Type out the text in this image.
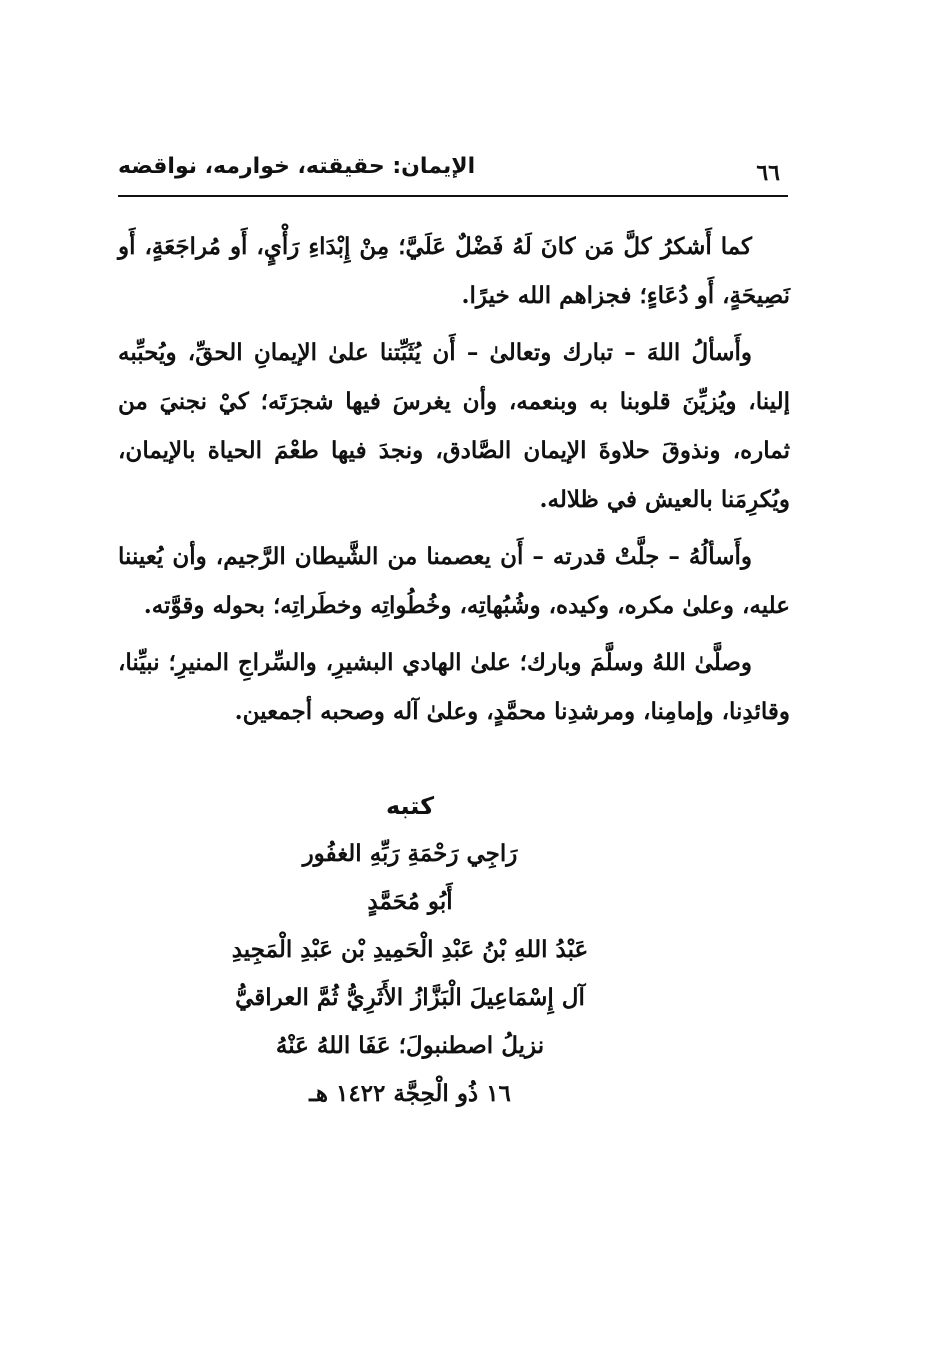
٦٦
الإيمان: حقيقته، خوارمه، نواقضه

كما أَشكرُ كلَّ مَن كانَ لَهُ فَضْلٌ عَلَيَّ؛ مِنْ إِبْدَاءِ رَأْيٍ، أَو مُراجَعَةٍ، أَو نَصِيحَةٍ، أَو دُعَاءٍ؛ فجزاهم الله خيرًا.

وأَسألُ اللهَ – تبارك وتعالىٰ – أَن يُثَبِّتنا علىٰ الإيمانِ الحقِّ، ويُحبِّبه إلينا، ويُزيِّنَ قلوبنا به وبنعمه، وأن يغرسَ فيها شجرَتَه؛ كيْ نجنيَ من ثماره، ونذوقَ حلاوةَ الإيمان الصَّادق، ونجدَ فيها طعْمَ الحياة بالإيمان، ويُكرِمَنا بالعيش في ظلاله.

وأَسألُهُ – جلَّتْ قدرته – أَن يعصمنا من الشَّيطان الرَّجيم، وأن يُعيننا عليه، وعلىٰ مكره، وكيده، وشُبُهاتِه، وخُطُواتِه وخطَراتِه؛ بحوله وقوَّته.

وصلَّىٰ اللهُ وسلَّمَ وبارك؛ علىٰ الهادي البشيرِ، والسِّراجِ المنيرِ؛ نبيِّنا، وقائدِنا، وإمامِنا، ومرشدِنا محمَّدٍ، وعلىٰ آله وصحبه أجمعين.

كتبه
رَاجِي رَحْمَةِ رَبِّهِ الغفُور
أَبُو مُحَمَّدٍ
عَبْدُ اللهِ بْنُ عَبْدِ الْحَمِيدِ بْن عَبْدِ الْمَجِيدِ
آل إِسْمَاعِيلَ الْبَزَّازُ الأَثَرِيُّ ثُمَّ العراقيُّ
نزيلُ اصطنبولَ؛ عَفَا اللهُ عَنْهُ
١٦ ذُو الْحِجَّة ١٤٢٢ هـ
